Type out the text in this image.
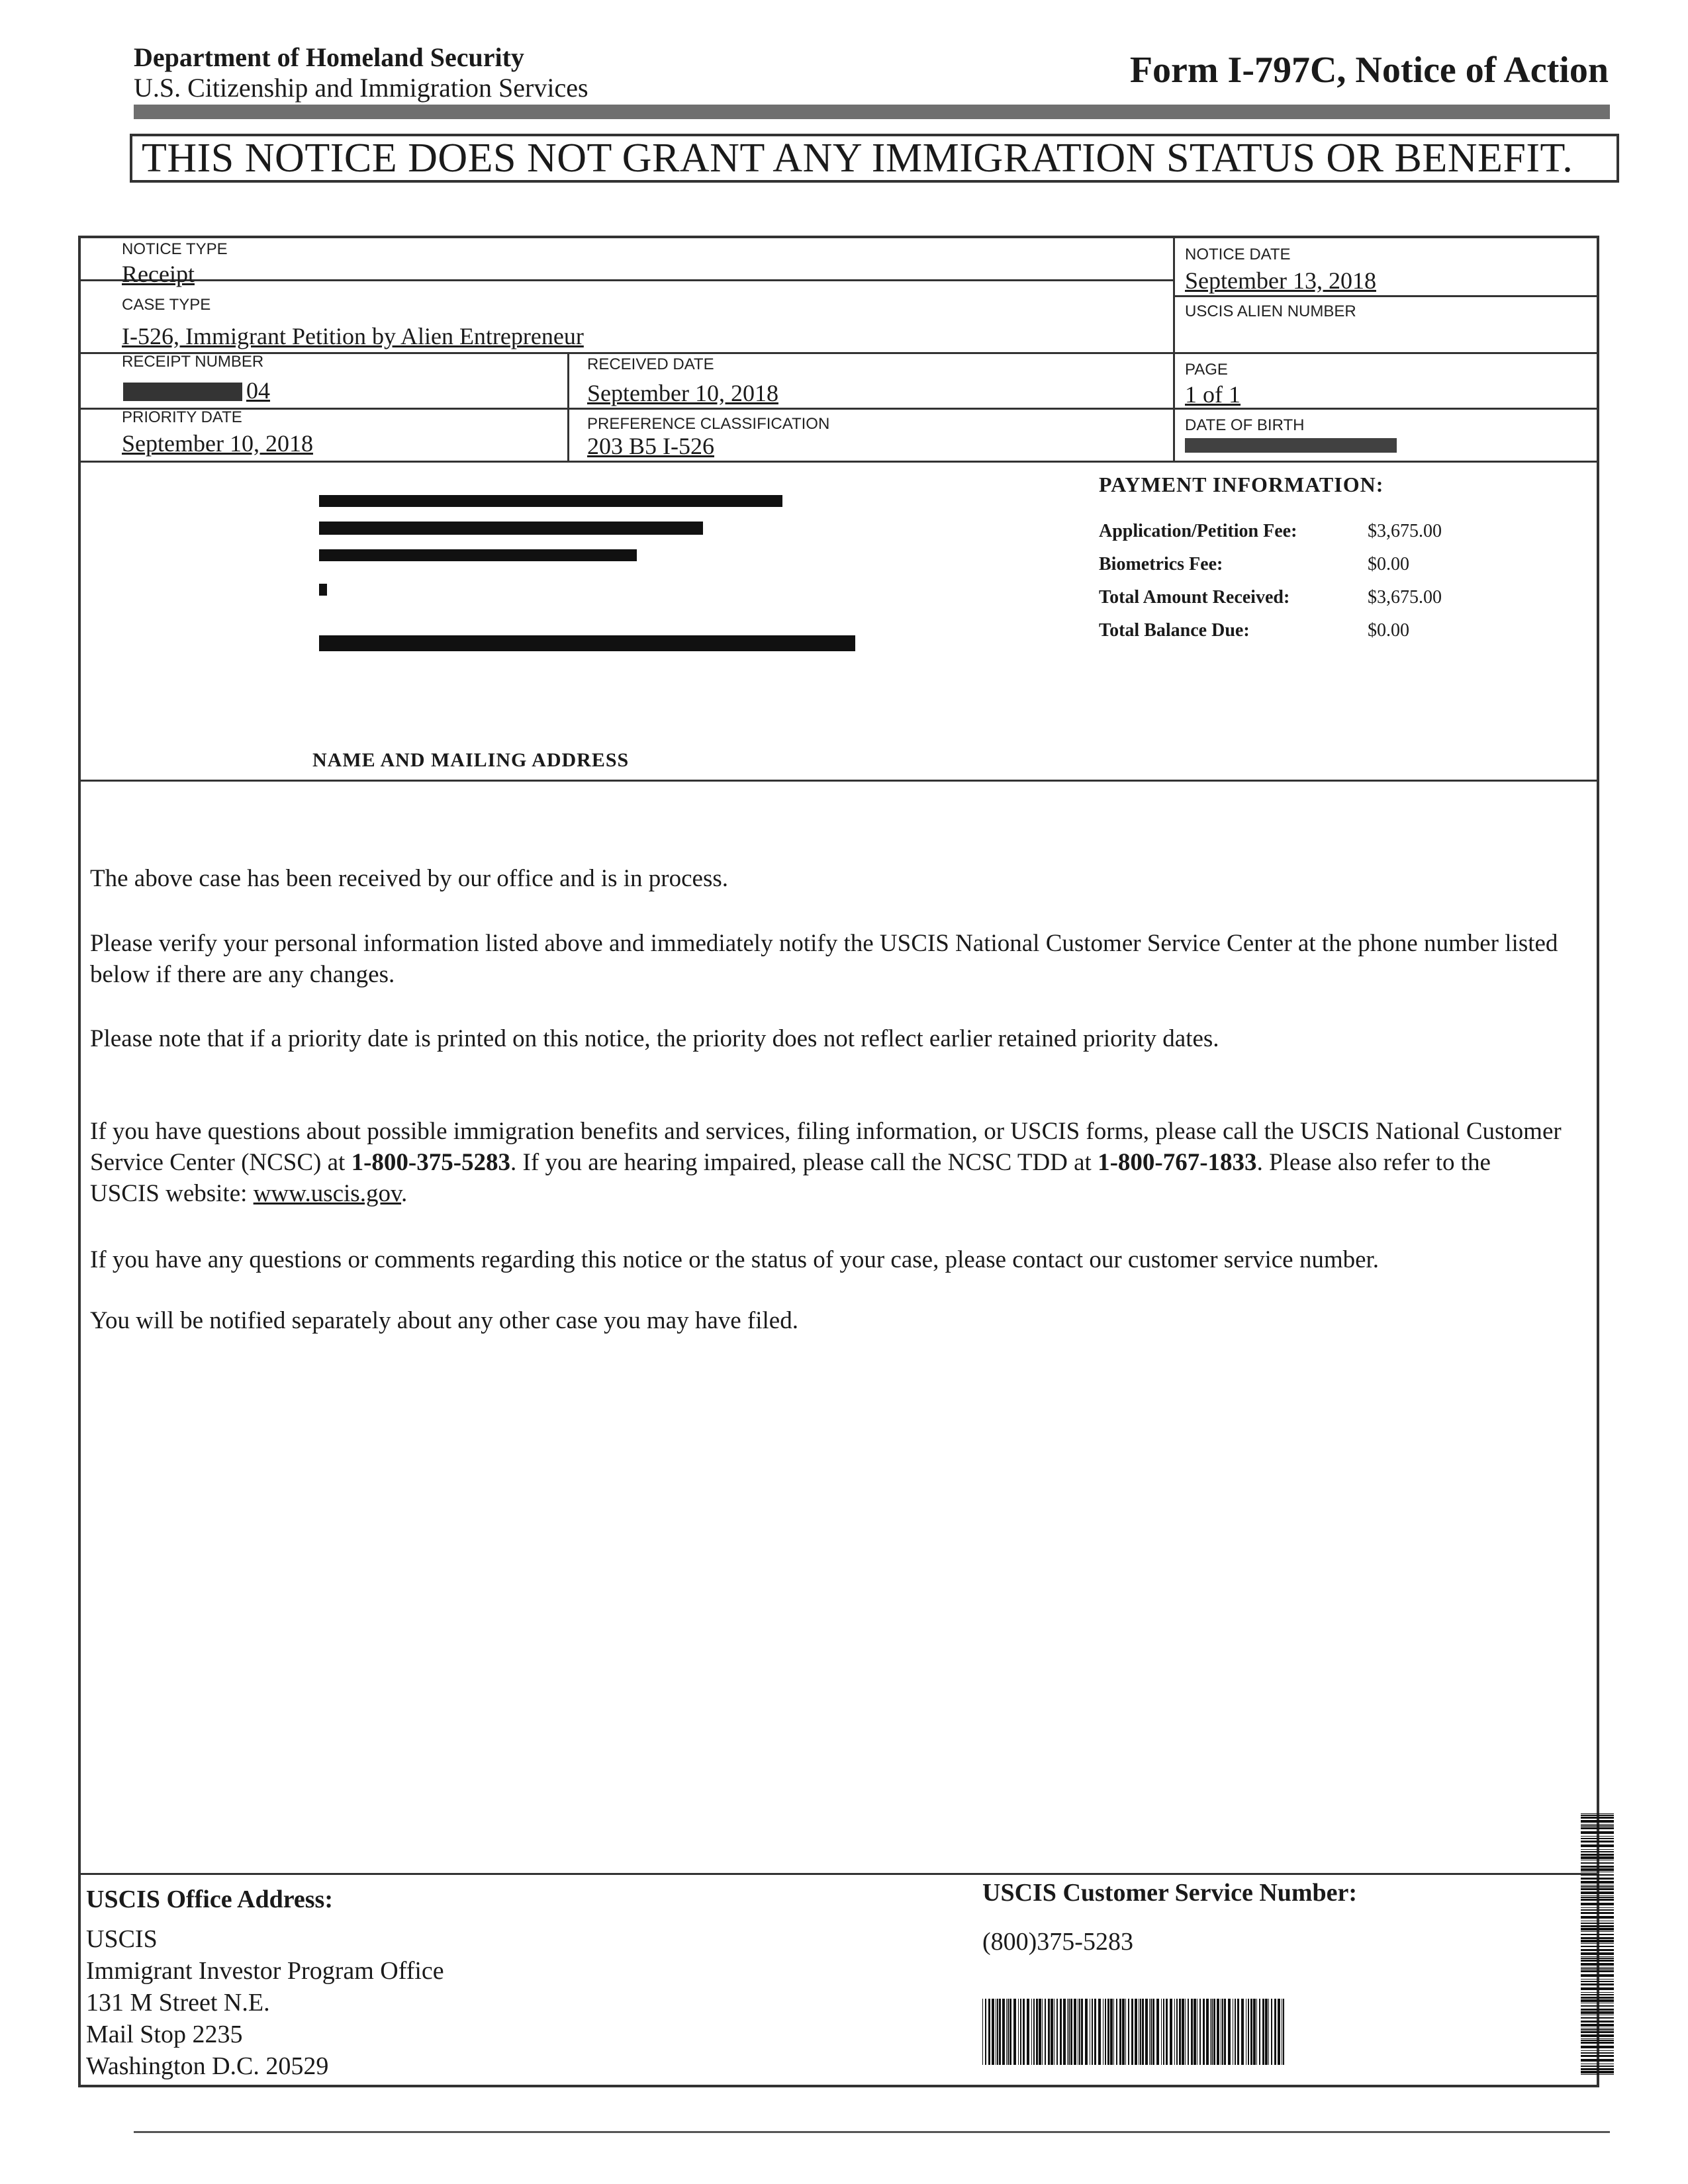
Department of Homeland Security
U.S. Citizenship and Immigration Services	Form I-797C, Notice of Action
THIS NOTICE DOES NOT GRANT ANY IMMIGRATION STATUS OR BENEFIT.
NOTICE TYPE
Receipt
NOTICE DATE
September 13, 2018
CASE TYPE
I-526, Immigrant Petition by Alien Entrepreneur
USCIS ALIEN NUMBER
RECEIPT NUMBER
04
RECEIVED DATE
September 10, 2018
PAGE
1 of 1
PRIORITY DATE
September 10, 2018
PREFERENCE CLASSIFICATION
203 B5 I-526
DATE OF BIRTH
PAYMENT INFORMATION:
Application/Petition Fee:	$3,675.00
Biometrics Fee:	$0.00
Total Amount Received:	$3,675.00
Total Balance Due:	$0.00
NAME AND MAILING ADDRESS
The above case has been received by our office and is in process.
Please verify your personal information listed above and immediately notify the USCIS National Customer Service Center at the phone number listed below if there are any changes.
Please note that if a priority date is printed on this notice, the priority does not reflect earlier retained priority dates.
If you have questions about possible immigration benefits and services, filing information, or USCIS forms, please call the USCIS National Customer Service Center (NCSC) at 1-800-375-5283. If you are hearing impaired, please call the NCSC TDD at 1-800-767-1833. Please also refer to the USCIS website: www.uscis.gov.
If you have any questions or comments regarding this notice or the status of your case, please contact our customer service number.
You will be notified separately about any other case you may have filed.
USCIS Office Address:
USCIS
Immigrant Investor Program Office
131 M Street N.E.
Mail Stop 2235
Washington D.C. 20529
USCIS Customer Service Number:
(800)375-5283
